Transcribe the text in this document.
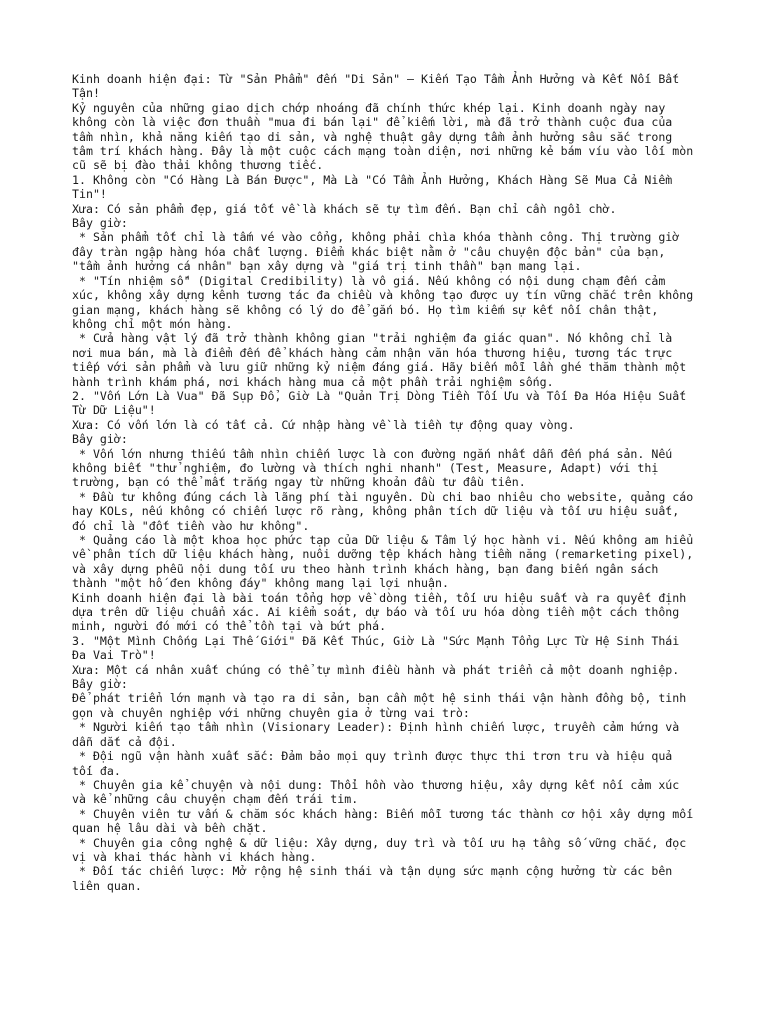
Kinh doanh hiện đại: Từ "Sản Phẩm" đến "Di Sản" – Kiến Tạo Tầm Ảnh Hưởng và Kết Nối Bất Tận!

Kỷ nguyên của những giao dịch chớp nhoáng đã chính thức khép lại. Kinh doanh ngày nay không còn là việc đơn thuần "mua đi bán lại" để kiếm lời, mà đã trở thành cuộc đua của tầm nhìn, khả năng kiến tạo di sản, và nghệ thuật gây dựng tầm ảnh hưởng sâu sắc trong tâm trí khách hàng. Đây là một cuộc cách mạng toàn diện, nơi những kẻ bám víu vào lối mòn cũ sẽ bị đào thải không thương tiếc.

1. Không còn "Có Hàng Là Bán Được", Mà Là "Có Tầm Ảnh Hưởng, Khách Hàng Sẽ Mua Cả Niềm Tin"!

Xưa: Có sản phẩm đẹp, giá tốt về là khách sẽ tự tìm đến. Bạn chỉ cần ngồi chờ.

Bây giờ:

* Sản phẩm tốt chỉ là tấm vé vào cổng, không phải chìa khóa thành công. Thị trường giờ đây tràn ngập hàng hóa chất lượng. Điểm khác biệt nằm ở "câu chuyện độc bản" của bạn, "tầm ảnh hưởng cá nhân" bạn xây dựng và "giá trị tinh thần" bạn mang lại.

* "Tín nhiệm số" (Digital Credibility) là vô giá. Nếu không có nội dung chạm đến cảm xúc, không xây dựng kênh tương tác đa chiều và không tạo được uy tín vững chắc trên không gian mạng, khách hàng sẽ không có lý do để gắn bó. Họ tìm kiếm sự kết nối chân thật, không chỉ một món hàng.

* Cửa hàng vật lý đã trở thành không gian "trải nghiệm đa giác quan". Nó không chỉ là nơi mua bán, mà là điểm đến để khách hàng cảm nhận văn hóa thương hiệu, tương tác trực tiếp với sản phẩm và lưu giữ những kỷ niệm đáng giá. Hãy biến mỗi lần ghé thăm thành một hành trình khám phá, nơi khách hàng mua cả một phần trải nghiệm sống.

2. "Vốn Lớn Là Vua" Đã Sụp Đổ, Giờ Là "Quản Trị Dòng Tiền Tối Ưu và Tối Đa Hóa Hiệu Suất Từ Dữ Liệu"!

Xưa: Có vốn lớn là có tất cả. Cứ nhập hàng về là tiền tự động quay vòng.

Bây giờ:

* Vốn lớn nhưng thiếu tầm nhìn chiến lược là con đường ngắn nhất dẫn đến phá sản. Nếu không biết "thử nghiệm, đo lường và thích nghi nhanh" (Test, Measure, Adapt) với thị trường, bạn có thể mất trắng ngay từ những khoản đầu tư đầu tiên.

* Đầu tư không đúng cách là lãng phí tài nguyên. Dù chi bao nhiêu cho website, quảng cáo hay KOLs, nếu không có chiến lược rõ ràng, không phân tích dữ liệu và tối ưu hiệu suất, đó chỉ là "đốt tiền vào hư không".

* Quảng cáo là một khoa học phức tạp của Dữ liệu & Tâm lý học hành vi. Nếu không am hiểu về phân tích dữ liệu khách hàng, nuôi dưỡng tệp khách hàng tiềm năng (remarketing pixel), và xây dựng phễu nội dung tối ưu theo hành trình khách hàng, bạn đang biến ngân sách thành "một hố đen không đáy" không mang lại lợi nhuận.

Kinh doanh hiện đại là bài toán tổng hợp về dòng tiền, tối ưu hiệu suất và ra quyết định dựa trên dữ liệu chuẩn xác. Ai kiểm soát, dự báo và tối ưu hóa dòng tiền một cách thông minh, người đó mới có thể tồn tại và bứt phá.

3. "Một Mình Chống Lại Thế Giới" Đã Kết Thúc, Giờ Là "Sức Mạnh Tổng Lực Từ Hệ Sinh Thái Đa Vai Trò"!

Xưa: Một cá nhân xuất chúng có thể tự mình điều hành và phát triển cả một doanh nghiệp.

Bây giờ:

Để phát triển lớn mạnh và tạo ra di sản, bạn cần một hệ sinh thái vận hành đồng bộ, tinh gọn và chuyên nghiệp với những chuyên gia ở từng vai trò:

* Người kiến tạo tầm nhìn (Visionary Leader): Định hình chiến lược, truyền cảm hứng và dẫn dắt cả đội.

* Đội ngũ vận hành xuất sắc: Đảm bảo mọi quy trình được thực thi trơn tru và hiệu quả tối đa.

* Chuyên gia kể chuyện và nội dung: Thổi hồn vào thương hiệu, xây dựng kết nối cảm xúc và kể những câu chuyện chạm đến trái tim.

* Chuyên viên tư vấn & chăm sóc khách hàng: Biến mỗi tương tác thành cơ hội xây dựng mối quan hệ lâu dài và bền chặt.

* Chuyên gia công nghệ & dữ liệu: Xây dựng, duy trì và tối ưu hạ tầng số vững chắc, đọc vị và khai thác hành vi khách hàng.

* Đối tác chiến lược: Mở rộng hệ sinh thái và tận dụng sức mạnh cộng hưởng từ các bên liên quan.
